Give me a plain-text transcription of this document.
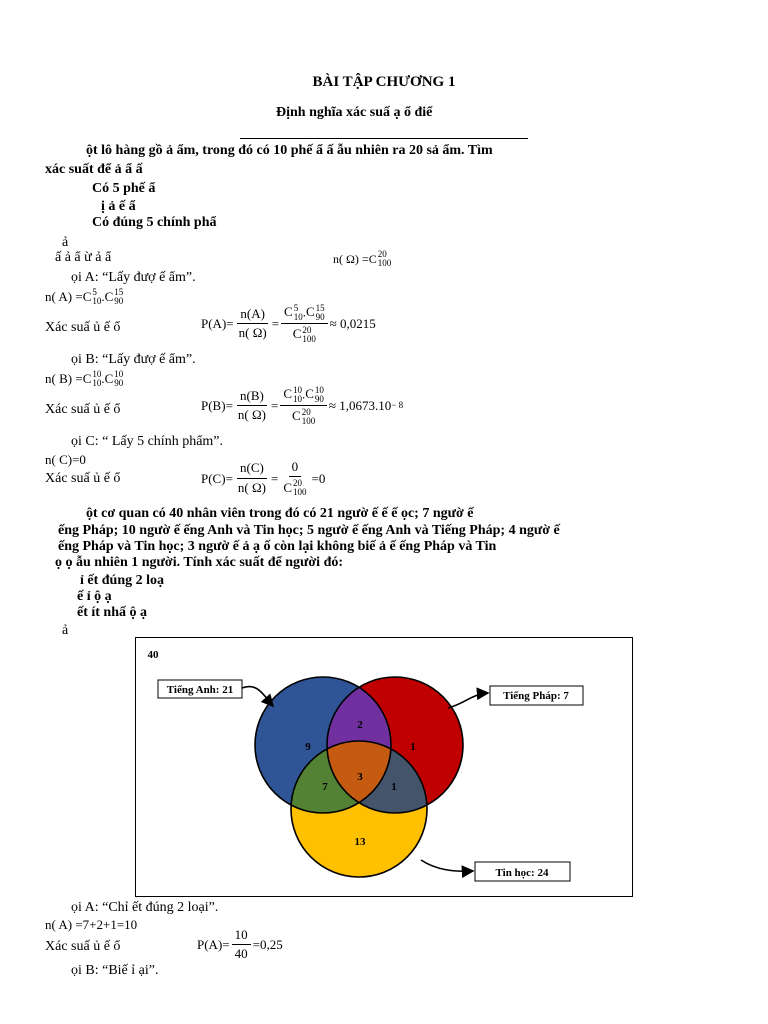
BÀI TẬP CHƯƠNG 1
Định nghĩa xác suấ ạ ổ điể
ột lô hàng gồ ả ẩm, trong đó có 10 phế ẩ ấ ẫu nhiên ra 20 sả ẩm. Tìm
xác suất để ả ẩ ấ
Có 5 phế ẩ
ị ả ế ẩ
Có đúng 5 chính phẩ
ả
ấ ả ẩ ừ ả ẩ	n( Ω) = C 20
100
ọi A: “Lấy đượ ế ẩm”.
n( A) = C 5
10 . C 15
90
Xác suấ ủ ế ổ	$P(A) = \frac{n(A)}{n( \Omega)} = C$ 5
10 .C 15
90
C 20
100 ≈ 0,0215
ọi B: “Lấy đượ ế ẩm”.
n( B) = C 10
10 . C 10
90
Xác suấ ủ ế ổ	$P(B) = \frac{n(B)}{n( \Omega)} = C$ 10
10 .C 10
90
C 20
100 ≈ 1,0673.10 − 8
ọi C: “ Lấy 5 chính phẩm”.
n( C)=0
Xác suấ ủ ế ổ	$P(C) = \frac{n(C)}{n( \Omega)} = 0$
C 20
100 =0
ột cơ quan có 40 nhân viên trong đó có 21 ngườ ế ế ế ọc; 7 ngườ ế
ếng Pháp; 10 ngườ ế ếng Anh và Tin học; 5 ngườ ế ếng Anh và Tiếng Pháp; 4 ngườ ế
ếng Pháp và Tin học; 3 ngườ ế ả ạ ố còn lại không biế ả ế ếng Pháp và Tin
ọ ọ ẫu nhiên 1 người. Tính xác suất để người đó:
ỉ ết đúng 2 loạ
ế ỉ ộ ạ
ết ít nhấ ộ ạ
ả
40
9	1
2
3
7	1
13
Tiếng Anh: 21	Tiếng Pháp: 7
Tin học: 24
ọi A: “Chỉ ết đúng 2 loại”.
n( A) =7+2+1=10
Xác suấ ủ ế ổ	$P(A) = \frac{10}{40} =0,25$
ọi B: “Biế ỉ ại”.
